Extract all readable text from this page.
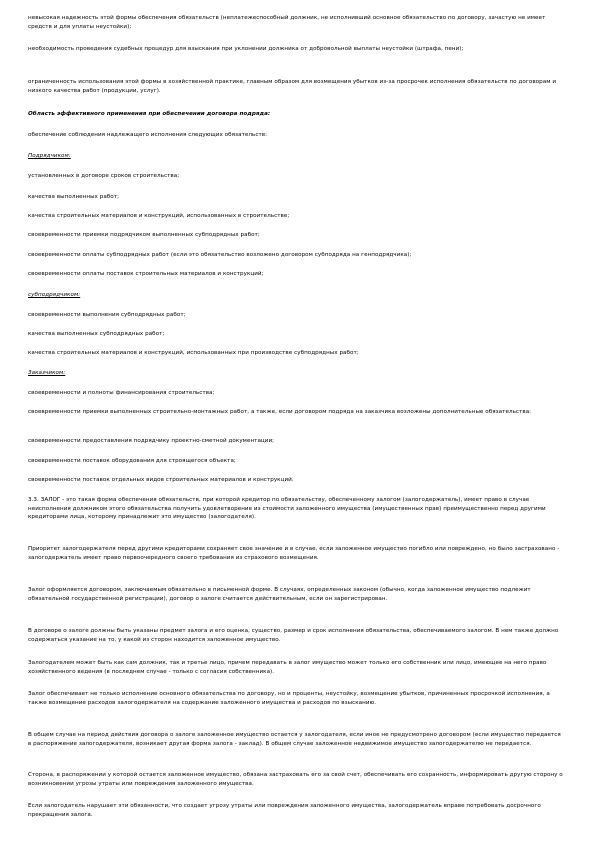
невысокая надежность этой формы обеспечения обязательств (неплатежеспособный должник, не исполнивший основное обязательство по договору, зачастую не имеет средств и для уплаты неустойки);

необходимость проведения судебных процедур для взыскания при уклонении должника от добровольной выплаты неустойки (штрафа, пени);

ограниченность использования этой формы в хозяйственной практике, главным образом для возмещения убытков из-за просрочек исполнения обязательств по договорам и низкого качества работ (продукции, услуг).

Область эффективного применения при обеспечении договора подряда:

обеспечение соблюдения надлежащего исполнения следующих обязательств:

Подрядчиком:

установленных в договоре сроков строительства;

качества выполненных работ;

качества строительных материалов и конструкций, использованных в строительстве;

своевременности приемки подрядчиком выполненных субподрядных работ;

своевременности оплаты субподрядных работ (если это обязательство возложено договором субподряда на генподрядчика);

своевременности оплаты поставок строительных материалов и конструкций;

субподрядчиком:

своевременности выполнения субподрядных работ;

качества выполненных субподрядных работ;

качества строительных материалов и конструкций, использованных при производстве субподрядных работ;

Заказчиком:

своевременности и полноты финансирования строительства;

своевременности приемки выполненных строительно-монтажных работ, а также, если договором подряда на заказчика возложены дополнительные обязательства:

своевременности предоставления подрядчику проектно-сметной документации;

своевременности поставок оборудования для строящегося объекта;

своевременности поставок отдельных видов строительных материалов и конструкций.

3.3. ЗАЛОГ - это такая форма обеспечения обязательств, при которой кредитор по обязательству, обеспеченному залогом (залогодержатель), имеет право в случае неисполнения должником этого обязательства получить удовлетворение из стоимости заложенного имущества (имущественных прав) преимущественно перед другими кредиторами лица, которому принадлежит это имущество (залогодателя).

Приоритет залогодержателя перед другими кредиторами сохраняет свое значение и в случае, если заложенное имущество погибло или повреждено, но было застраховано - залогодержатель имеет право первоочередного своего требования из страхового возмещения.

Залог оформляется договором, заключаемым обязательно в письменной форме. В случаях, определенных законом (обычно, когда заложенное имущество подлежит обязательной государственной регистрации), договор о залоге считается действительным, если он зарегистрирован.

В договоре о залоге должны быть указаны предмет залога и его оценка, существо, размер и срок исполнения обязательства, обеспечиваемого залогом. В нем также должно содержаться указание на то, у какой из сторон находится заложенное имущество.

Залогодателем может быть как сам должник, так и третье лицо, причем передавать в залог имущество может только его собственник или лицо, имеющее на него право хозяйственного ведения (в последнем случае - только с согласия собственника).

Залог обеспечивает не только исполнение основного обязательства по договору, но и проценты, неустойку, возмещение убытков, причиненных просрочкой исполнения, а также возмещение расходов залогодержателя на содержание заложенного имущества и расходов по взысканию.

В общем случае на период действия договора о залоге заложенное имущество остается у залогодателя, если иное не предусмотрено договором (если имущество передается в распоряжение залогодержателя, возникает другая форма залога - заклад). В общем случае заложенное недвижимое имущество залогодержателю не передается.

Сторона, в распоряжении у которой остается заложенное имущество, обязана застраховать его за свой счет, обеспечивать его сохранность, информировать другую сторону о возникновении угрозы утраты или повреждения заложенного имущества.

Если залогодатель нарушает эти обязанности, что создает угрозу утраты или повреждения заложенного имущества, залогодержатель вправе потребовать досрочного прекращения залога.
